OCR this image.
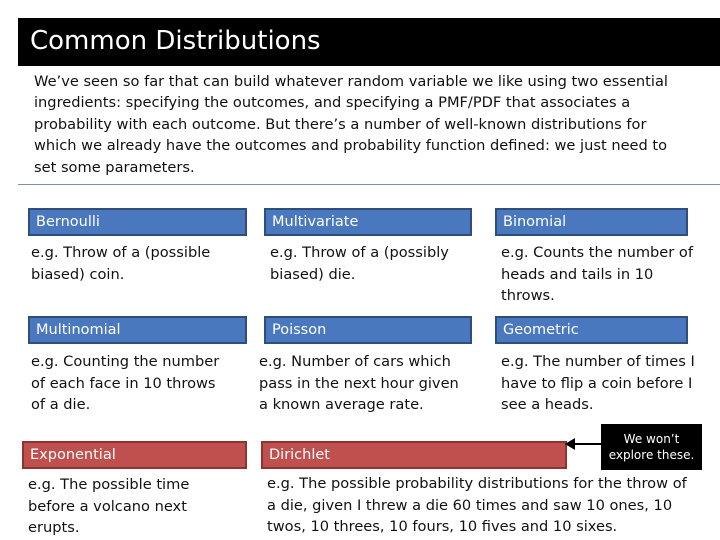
Common Distributions
We’ve seen so far that can build whatever random variable we like using two essential ingredients: specifying the outcomes, and specifying a PMF/PDF that associates a probability with each outcome. But there’s a number of well-known distributions for which we already have the outcomes and probability function defined: we just need to set some parameters.
Bernoulli
e.g. Throw of a (possible biased) coin.
Multivariate
e.g. Throw of a (possibly biased) die.
Binomial
e.g. Counts the number of heads and tails in 10 throws.
Multinomial
e.g. Counting the number of each face in 10 throws of a die.
Poisson
e.g. Number of cars which pass in the next hour given a known average rate.
Geometric
e.g. The number of times I have to flip a coin before I see a heads.
Exponential
e.g. The possible time before a volcano next erupts.
Dirichlet
e.g. The possible probability distributions for the throw of a die, given I threw a die 60 times and saw 10 ones, 10 twos, 10 threes, 10 fours, 10 fives and 10 sixes.
We won’t explore these.
